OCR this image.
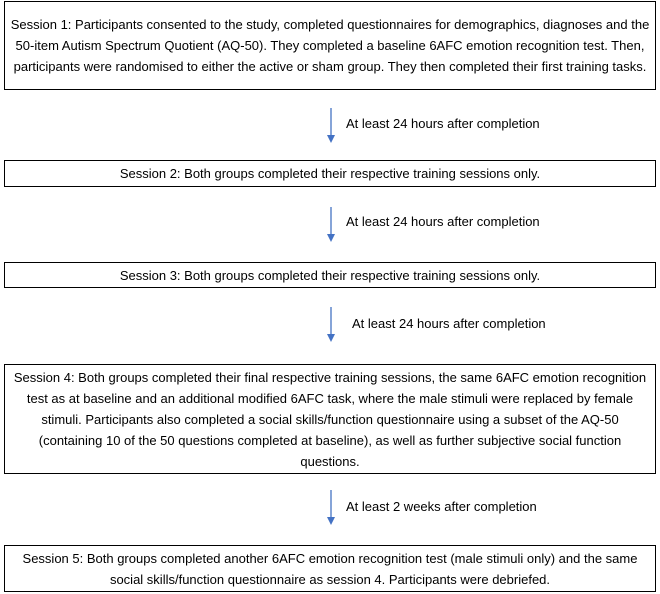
Session 1: Participants consented to the study, completed questionnaires for demographics, diagnoses and the 50-item Autism Spectrum Quotient (AQ-50). They completed a baseline 6AFC emotion recognition test. Then, participants were randomised to either the active or sham group. They then completed their first training tasks.
Session 2: Both groups completed their respective training sessions only.
Session 3: Both groups completed their respective training sessions only.
Session 4: Both groups completed their final respective training sessions, the same 6AFC emotion recognition test as at baseline and an additional modified 6AFC task, where the male stimuli were replaced by female stimuli. Participants also completed a social skills/function questionnaire using a subset of the AQ-50 (containing 10 of the 50 questions completed at baseline), as well as further subjective social function questions.
Session 5: Both groups completed another 6AFC emotion recognition test (male stimuli only) and the same social skills/function questionnaire as session 4. Participants were debriefed.
At least 24 hours after completion
At least 24 hours after completion
At least 24 hours after completion
At least 2 weeks after completion
